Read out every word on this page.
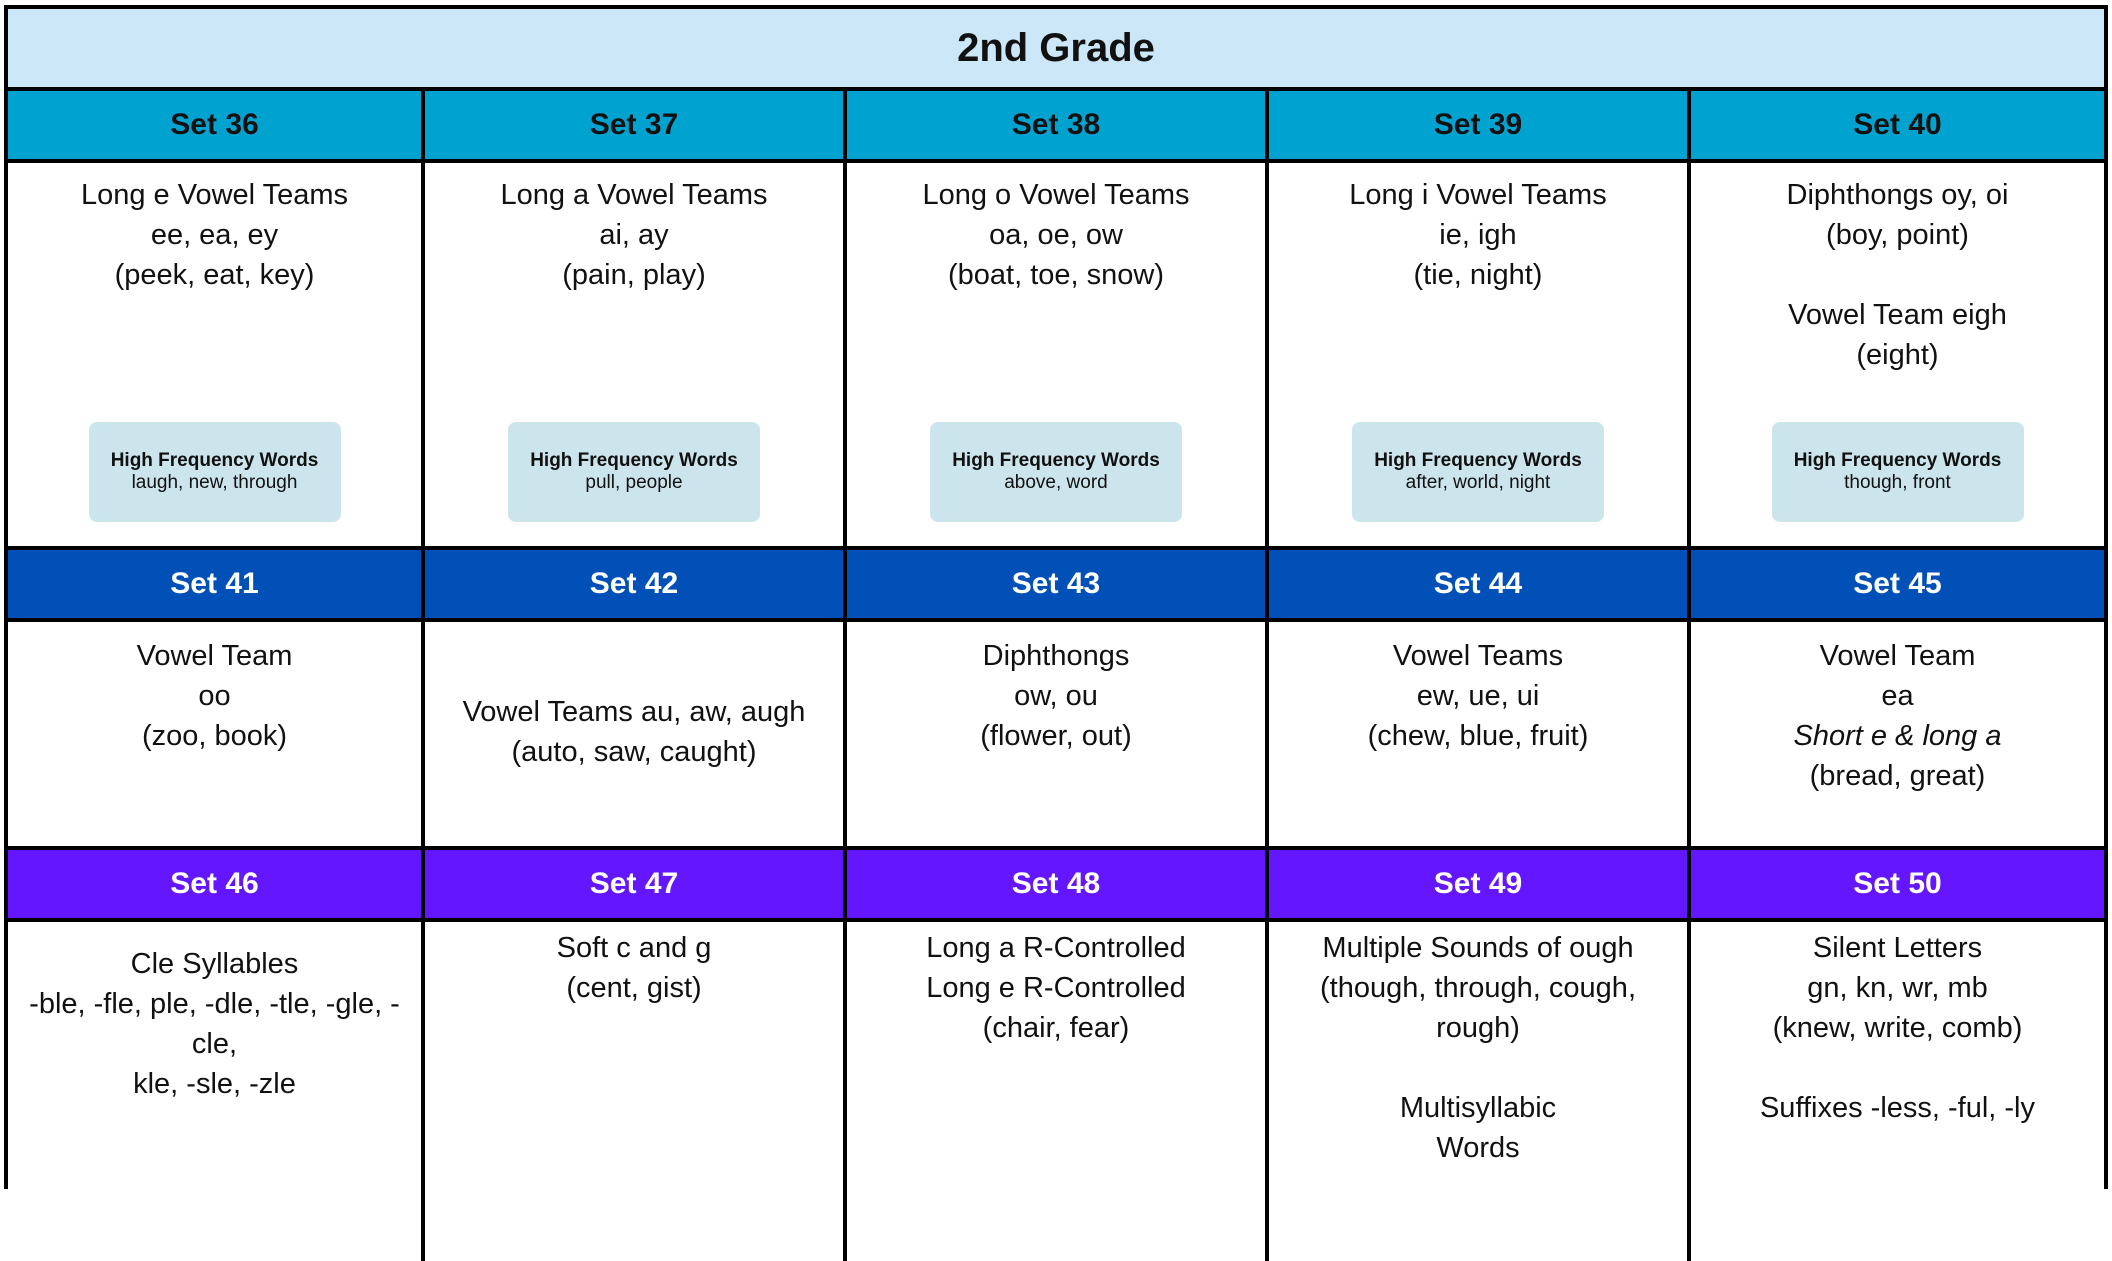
2nd Grade
Set 36
Long e Vowel Teams
ee, ea, ey
(peek, eat, key)
High Frequency Words
laugh, new, through
Set 37
Long a Vowel Teams
ai, ay
(pain, play)
High Frequency Words
pull, people
Set 38
Long o Vowel Teams
oa, oe, ow
(boat, toe, snow)
High Frequency Words
above, word
Set 39
Long i Vowel Teams
ie, igh
(tie, night)
High Frequency Words
after, world, night
Set 40
Diphthongs oy, oi
(boy, point)
Vowel Team eigh
(eight)
High Frequency Words
though, front
Set 41
Vowel Team
oo
(zoo, book)
Set 42
Vowel Teams au, aw, augh
(auto, saw, caught)
Set 43
Diphthongs
ow, ou
(flower, out)
Set 44
Vowel Teams
ew, ue, ui
(chew, blue, fruit)
Set 45
Vowel Team
ea
Short e & long a
(bread, great)
Set 46
Cle Syllables
-ble, -fle, ple, -dle, -tle, -gle, -cle,
kle, -sle, -zle
Set 47
Soft c and g
(cent, gist)
Set 48
Long a R-Controlled
Long e R-Controlled
(chair, fear)
Set 49
Multiple Sounds of ough
(though, through, cough,
rough)
Multisyllabic
Words
Set 50
Silent Letters
gn, kn, wr, mb
(knew, write, comb)
Suffixes -less, -ful, -ly
